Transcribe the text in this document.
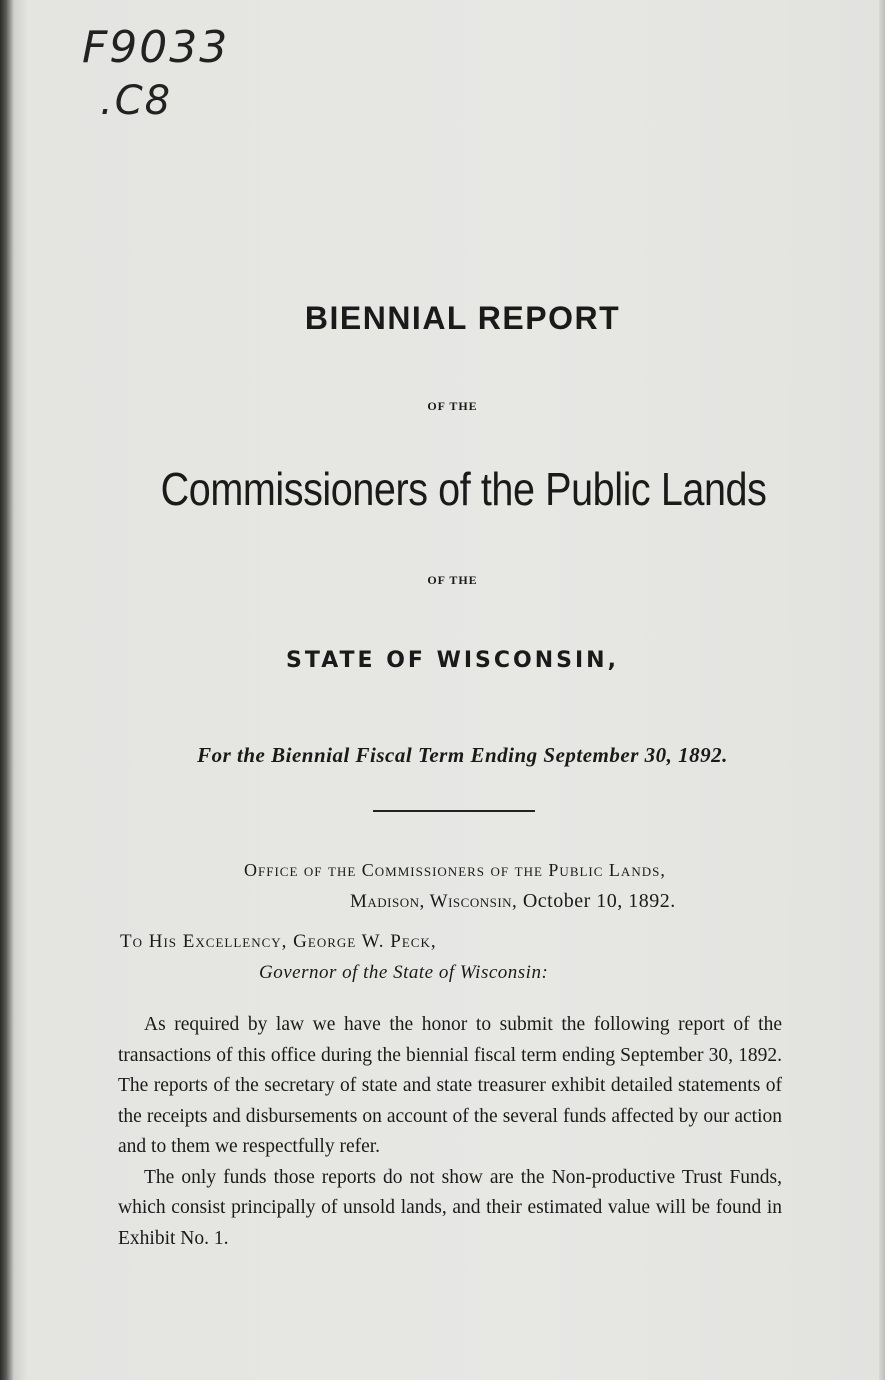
F9033
.C8
BIENNIAL REPORT
OF THE
Commissioners of the Public Lands
OF THE
STATE OF WISCONSIN,
For the Biennial Fiscal Term Ending September 30, 1892.
Office of the Commissioners of the Public Lands,
Madison, Wisconsin, October 10, 1892.
To His Excellency, George W. Peck,
Governor of the State of Wisconsin:

As required by law we have the honor to submit the following report of the transactions of this office during the biennial fiscal term ending September 30, 1892. The reports of the secretary of state and state treasurer exhibit detailed statements of the receipts and disbursements on account of the several funds affected by our action and to them we respectfully refer.

The only funds those reports do not show are the Non-productive Trust Funds, which consist principally of unsold lands, and their estimated value will be found in Exhibit No. 1.
